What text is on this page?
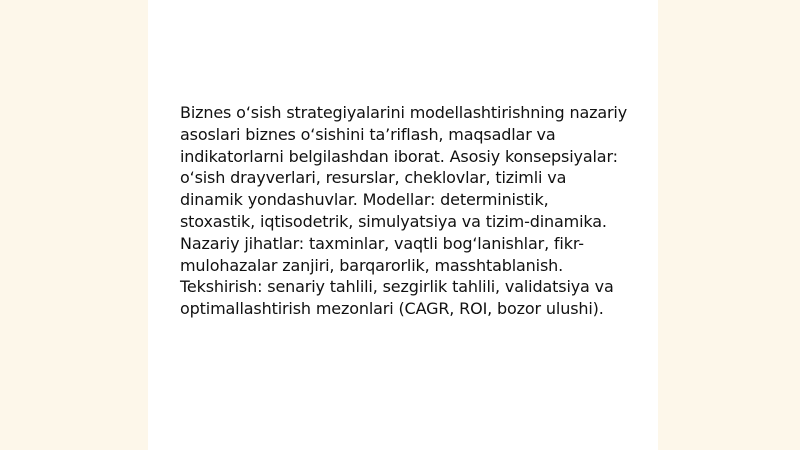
Biznes o‘sish strategiyalarini modellashtirishning nazariy asoslari biznes o‘sishini ta’riflash, maqsadlar va indikatorlarni belgilashdan iborat. Asosiy konsepsiyalar: o‘sish drayverlari, resurslar, cheklovlar, tizimli va dinamik yondashuvlar. Modellar: deterministik, stoxastik, iqtisodetrik, simulyatsiya va tizim-dinamika. Nazariy jihatlar: taxminlar, vaqtli bog‘lanishlar, fikr-mulohazalar zanjiri, barqarorlik, masshtablanish. Tekshirish: senariy tahlili, sezgirlik tahlili, validatsiya va optimallashtirish mezonlari (CAGR, ROI, bozor ulushi).
